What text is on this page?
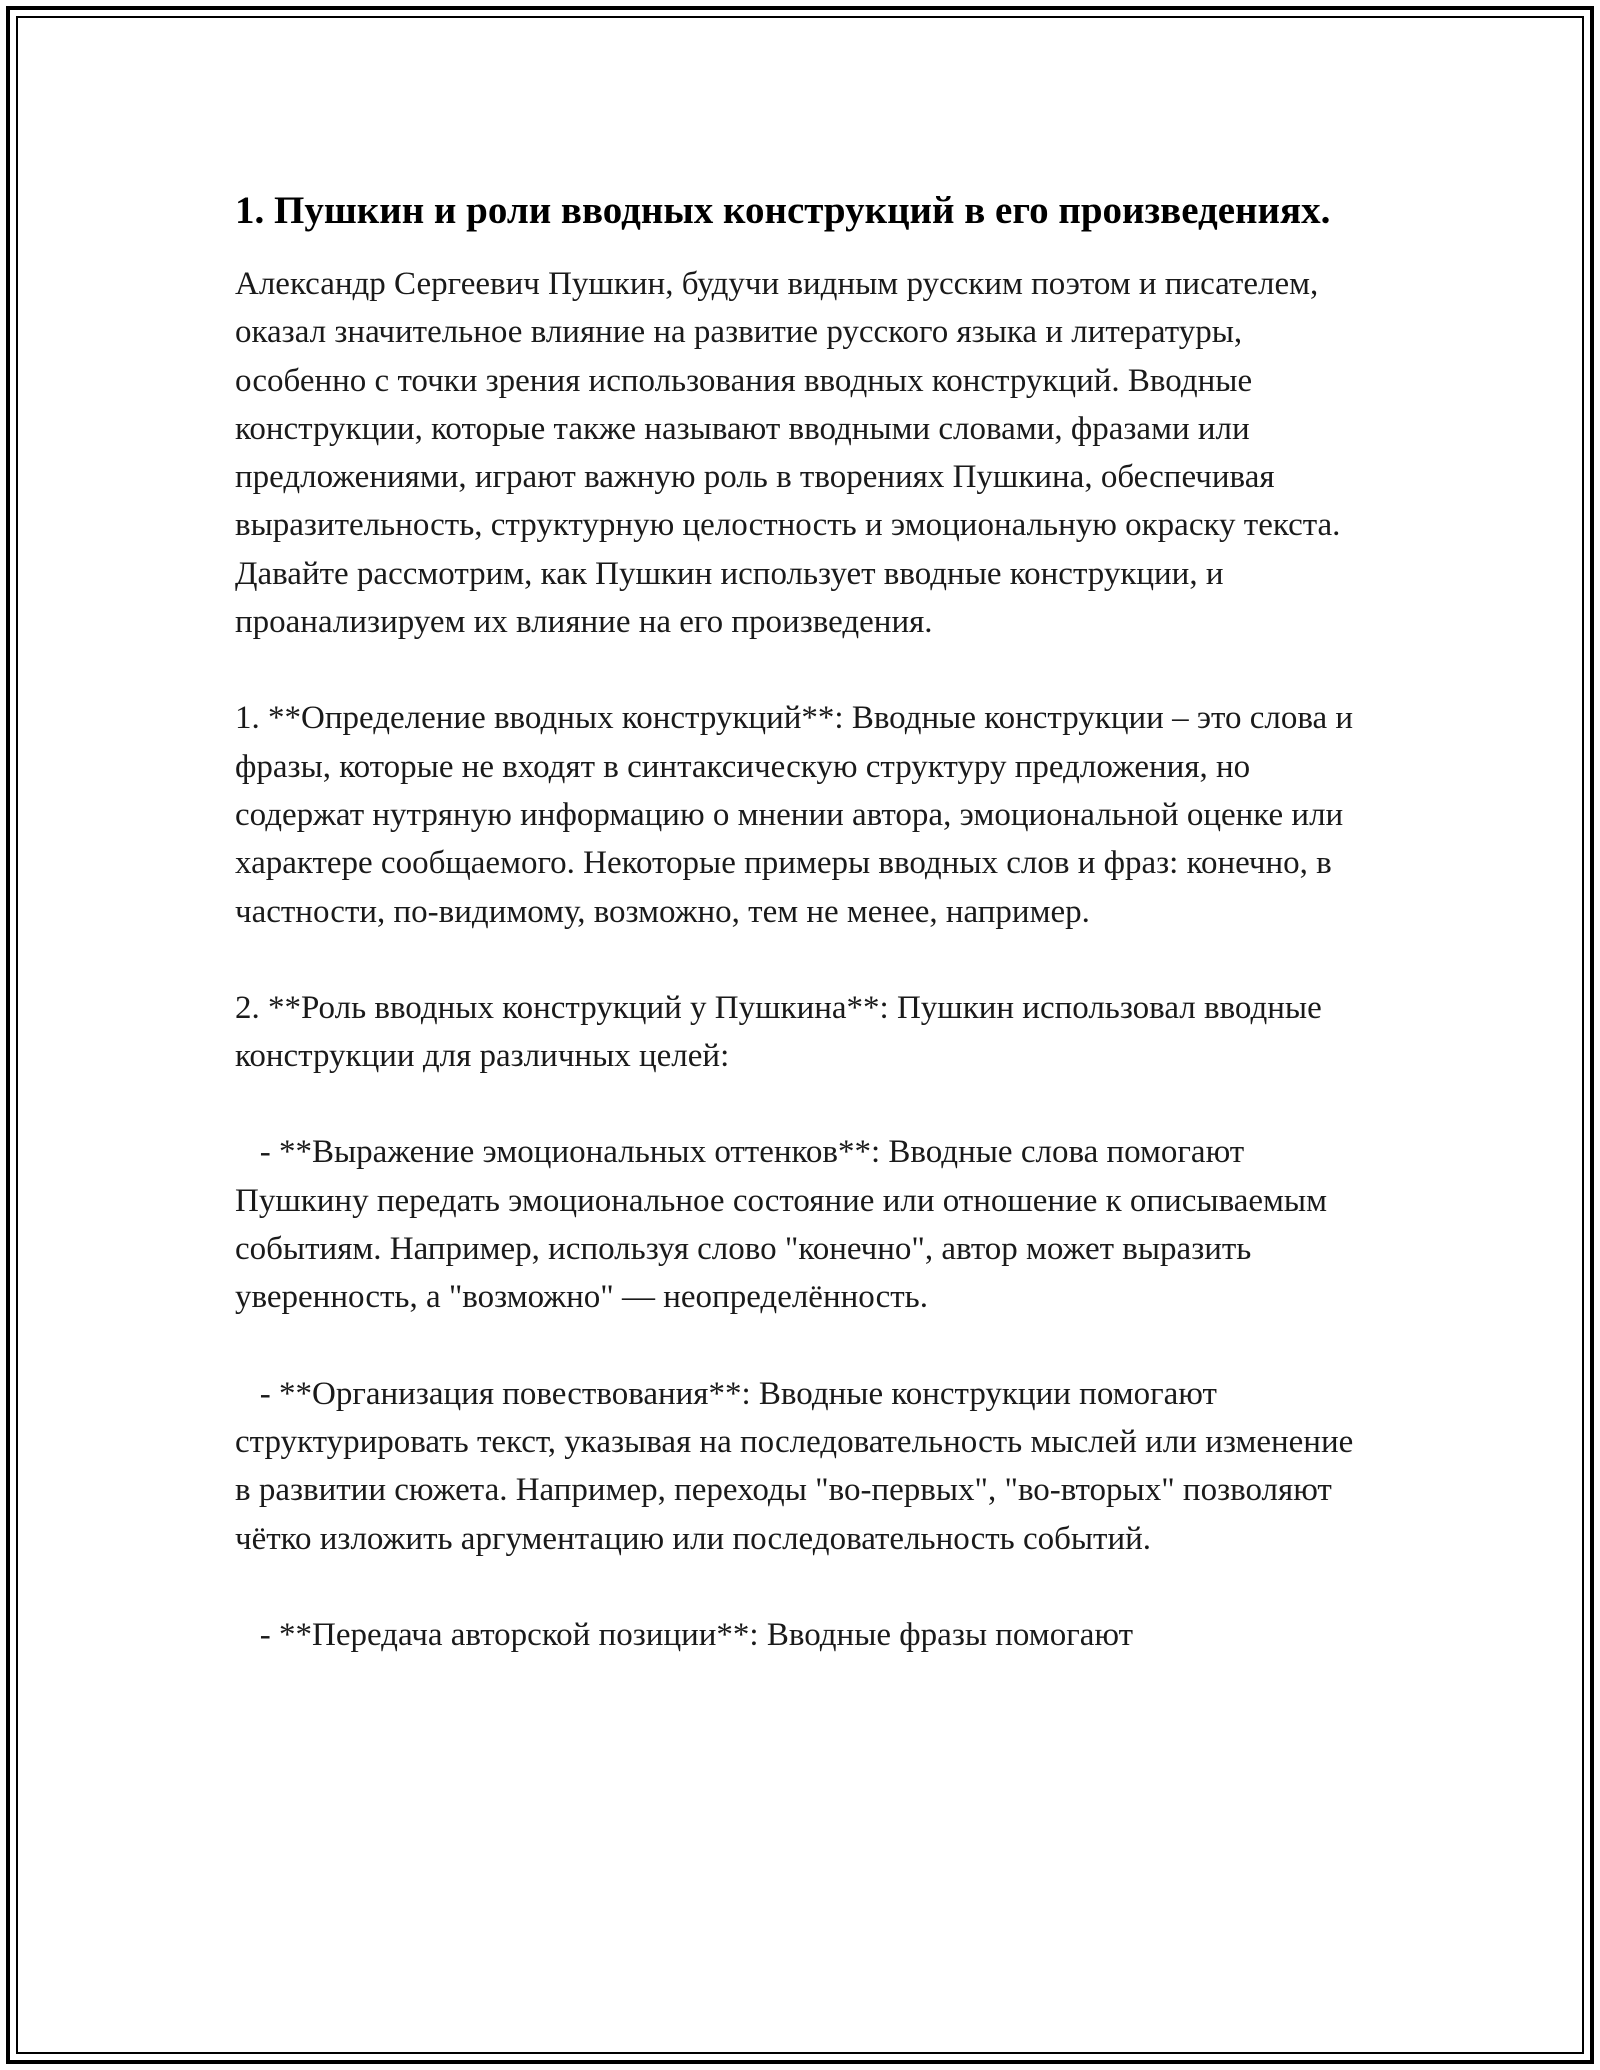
1. Пушкин и роли вводных конструкций в его произведениях.

Александр Сергеевич Пушкин, будучи видным русским поэтом и писателем, оказал значительное влияние на развитие русского языка и литературы, особенно с точки зрения использования вводных конструкций. Вводные конструкции, которые также называют вводными словами, фразами или предложениями, играют важную роль в творениях Пушкина, обеспечивая выразительность, структурную целостность и эмоциональную окраску текста. Давайте рассмотрим, как Пушкин использует вводные конструкции, и проанализируем их влияние на его произведения.

1. **Определение вводных конструкций**: Вводные конструкции – это слова и фразы, которые не входят в синтаксическую структуру предложения, но содержат нутряную информацию о мнении автора, эмоциональной оценке или характере сообщаемого. Некоторые примеры вводных слов и фраз: конечно, в частности, по-видимому, возможно, тем не менее, например.

2. **Роль вводных конструкций у Пушкина**: Пушкин использовал вводные конструкции для различных целей:

- **Выражение эмоциональных оттенков**: Вводные слова помогают Пушкину передать эмоциональное состояние или отношение к описываемым событиям. Например, используя слово "конечно", автор может выразить уверенность, а "возможно" — неопределённость.

- **Организация повествования**: Вводные конструкции помогают структурировать текст, указывая на последовательность мыслей или изменение в развитии сюжета. Например, переходы "во-первых", "во-вторых" позволяют чётко изложить аргументацию или последовательность событий.

- **Передача авторской позиции**: Вводные фразы помогают
